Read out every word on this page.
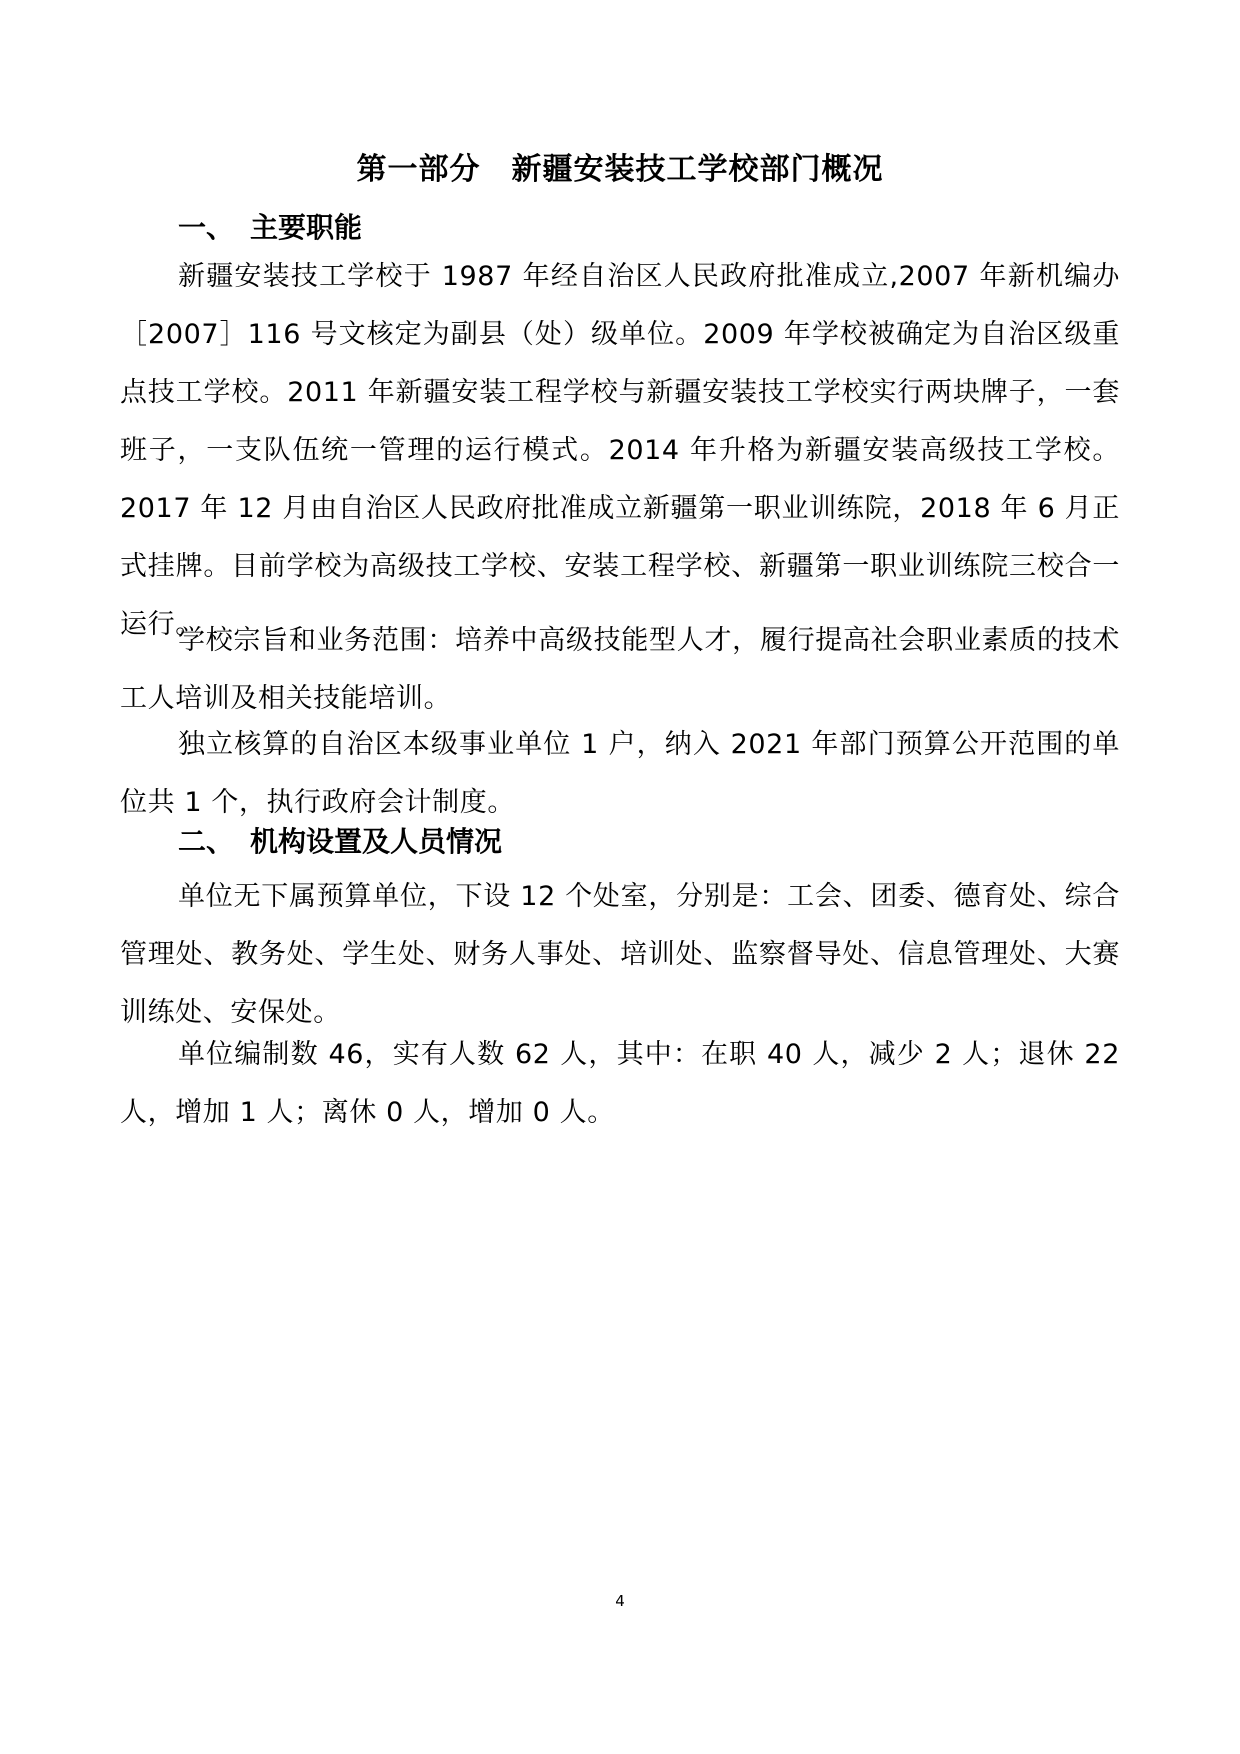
第一部分　新疆安装技工学校部门概况
一、 主要职能

新疆安装技工学校于 1987 年经自治区人民政府批准成立,2007 年新机编办［2007］116 号文核定为副县（处）级单位。2009 年学校被确定为自治区级重点技工学校。2011 年新疆安装工程学校与新疆安装技工学校实行两块牌子，一套班子，一支队伍统一管理的运行模式。2014 年升格为新疆安装高级技工学校。2017 年 12 月由自治区人民政府批准成立新疆第一职业训练院，2018 年 6 月正式挂牌。目前学校为高级技工学校、安装工程学校、新疆第一职业训练院三校合一运行。

学校宗旨和业务范围：培养中高级技能型人才，履行提高社会职业素质的技术工人培训及相关技能培训。

独立核算的自治区本级事业单位 1 户，纳入 2021 年部门预算公开范围的单位共 1 个，执行政府会计制度。

二、 机构设置及人员情况

单位无下属预算单位，下设 12 个处室，分别是：工会、团委、德育处、综合管理处、教务处、学生处、财务人事处、培训处、监察督导处、信息管理处、大赛训练处、安保处。

单位编制数 46，实有人数 62 人，其中：在职 40 人，减少 2 人；退休 22 人，增加 1 人；离休 0 人，增加 0 人。

4
